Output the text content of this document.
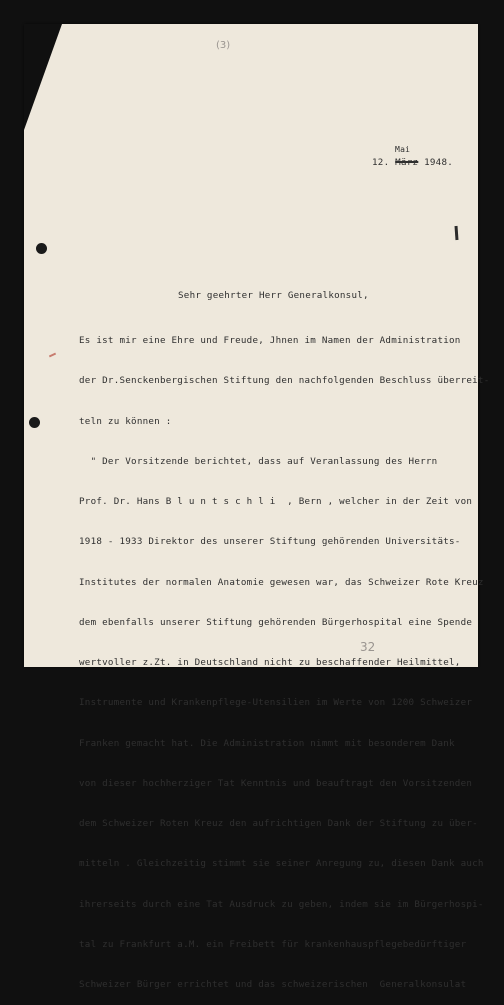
(3)
32
Mai
12. März 1948.
Sehr geehrter Herr Generalkonsul,

Es ist mir eine Ehre und Freude, Jhnen im Namen der Administration

der Dr.Senckenbergischen Stiftung den nachfolgenden Beschluss überreit-

teln zu können :

" Der Vorsitzende berichtet, dass auf Veranlassung des Herrn

Prof. Dr. Hans B l u n t s c h l i  , Bern , welcher in der Zeit von

1918 - 1933 Direktor des unserer Stiftung gehörenden Universitäts-

Institutes der normalen Anatomie gewesen war, das Schweizer Rote Kreuz

dem ebenfalls unserer Stiftung gehörenden Bürgerhospital eine Spende

wertvoller z.Zt. in Deutschland nicht zu beschaffender Heilmittel,

Instrumente und Krankenpflege-Utensilien im Werte von 1200 Schweizer

Franken gemacht hat. Die Administration nimmt mit besonderem Dank

von dieser hochherziger Tat Kenntnis und beauftragt den Vorsitzenden

dem Schweizer Roten Kreuz den aufrichtigen Dank der Stiftung zu über-

mitteln . Gleichzeitig stimmt sie seiner Anregung zu, diesen Dank auch

ihrerseits durch eine Tat Ausdruck zu geben, indem sie im Bürgerhospi-

tal zu Frankfurt a.M. ein Freibett für krankenhauspflegebedürftiger

Schweizer Bürger errichtet und das schweizerischen  Generalkonsulat
